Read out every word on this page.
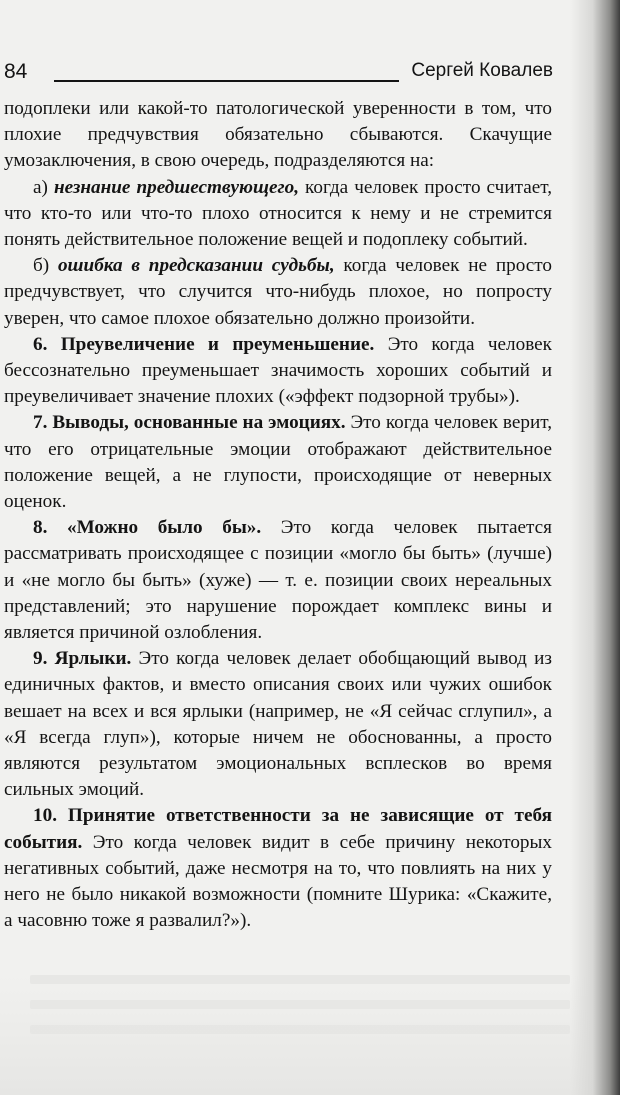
84	Сергей Ковалев

подоплеки или какой-то патологической уверенности в том, что плохие предчувствия обязательно сбываются. Скачущие умозаключения, в свою очередь, подразделяются на:

а) незнание предшествующего, когда человек просто считает, что кто-то или что-то плохо относится к нему и не стремится понять действительное положение вещей и подоплеку событий.

б) ошибка в предсказании судьбы, когда человек не просто предчувствует, что случится что-нибудь плохое, но попросту уверен, что самое плохое обязательно должно произойти.

6. Преувеличение и преуменьшение. Это когда человек бессознательно преуменьшает значимость хороших событий и преувеличивает значение плохих («эффект подзорной трубы»).

7. Выводы, основанные на эмоциях. Это когда человек верит, что его отрицательные эмоции отображают действительное положение вещей, а не глупости, происходящие от неверных оценок.

8. «Можно было бы». Это когда человек пытается рассматривать происходящее с позиции «могло бы быть» (лучше) и «не могло бы быть» (хуже) — т. е. позиции своих нереальных представлений; это нарушение порождает комплекс вины и является причиной озлобления.

9. Ярлыки. Это когда человек делает обобщающий вывод из единичных фактов, и вместо описания своих или чужих ошибок вешает на всех и вся ярлыки (например, не «Я сейчас сглупил», а «Я всегда глуп»), которые ничем не обоснованны, а просто являются результатом эмоциональных всплесков во время сильных эмоций.

10. Принятие ответственности за не зависящие от тебя события. Это когда человек видит в себе причину некоторых негативных событий, даже несмотря на то, что повлиять на них у него не было никакой возможности (помните Шурика: «Скажите, а часовню тоже я развалил?»).
